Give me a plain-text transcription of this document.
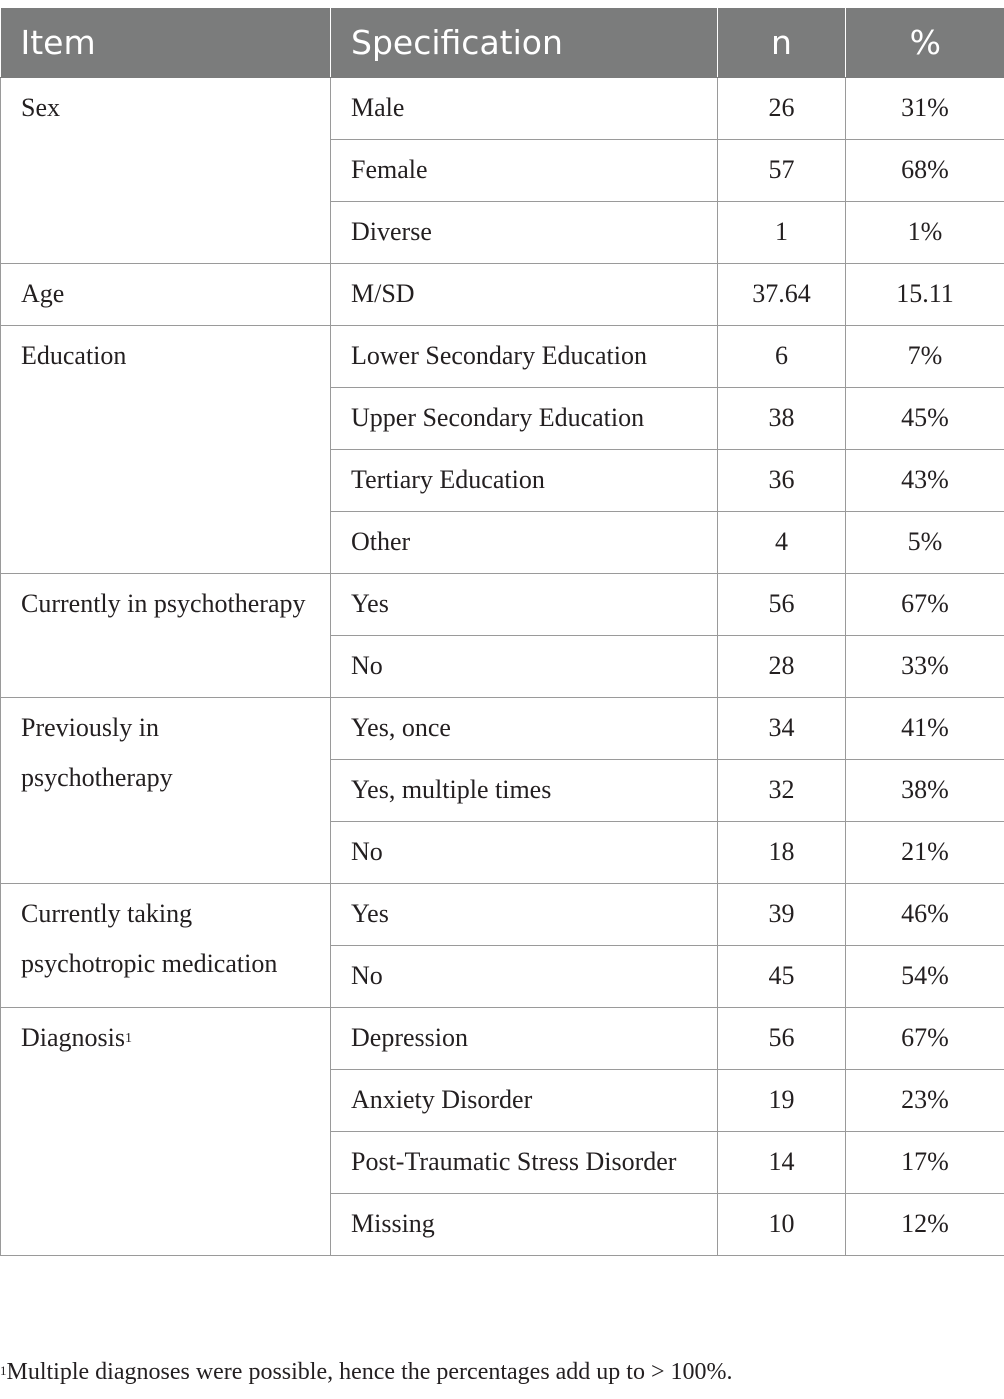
Item	Specification	n	%
Sex	Male	26	31%
	Female	57	68%
	Diverse	1	1%
Age	M/SD	37.64	15.11
Education	Lower Secondary Education	6	7%
	Upper Secondary Education	38	45%
	Tertiary Education	36	43%
	Other	4	5%
Currently in psychotherapy	Yes	56	67%
	No	28	33%
Previously in psychotherapy	Yes, once	34	41%
	Yes, multiple times	32	38%
	No	18	21%
Currently taking psychotropic medication	Yes	39	46%
	No	45	54%
Diagnosis$^1$	Depression	56	67%
	Anxiety Disorder	19	23%
	Post-Traumatic Stress Disorder	14	17%
	Missing	10	12%
$^1$Multiple diagnoses were possible, hence the percentages add up to > 100%.
